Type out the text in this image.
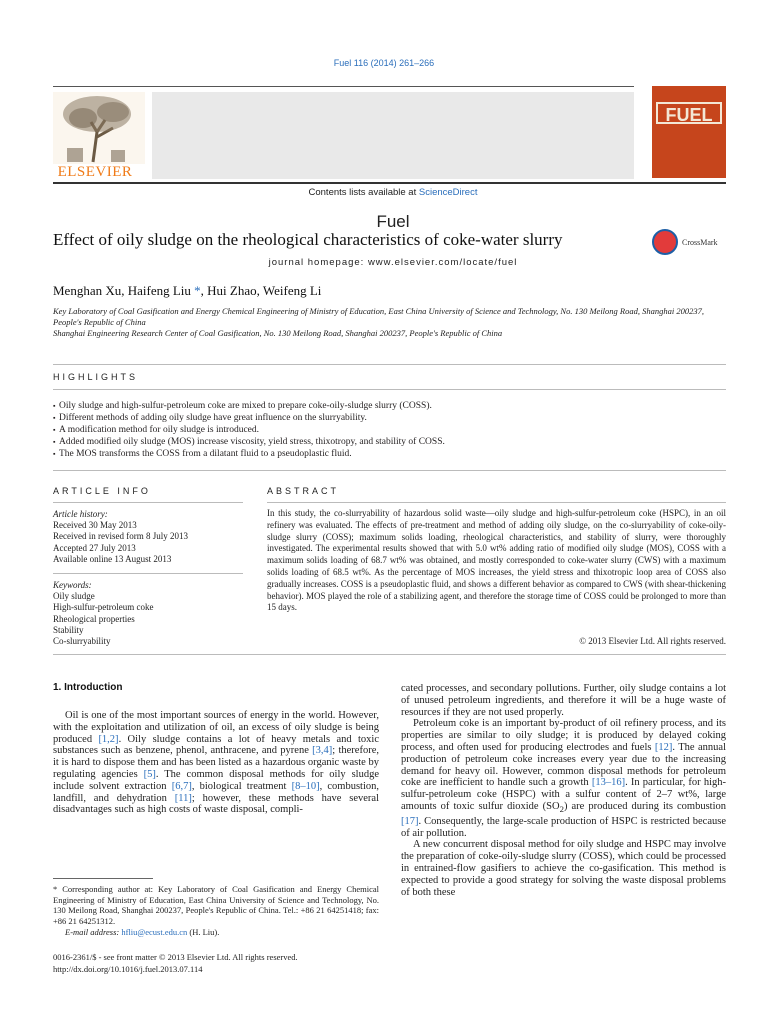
Fuel 116 (2014) 261–266
ELSEVIER
Contents lists available at ScienceDirect
Fuel
journal homepage: www.elsevier.com/locate/fuel
FUEL
Effect of oily sludge on the rheological characteristics of coke-water slurry	CrossMark
Menghan Xu, Haifeng Liu *, Hui Zhao, Weifeng Li
Key Laboratory of Coal Gasification and Energy Chemical Engineering of Ministry of Education, East China University of Science and Technology, No. 130 Meilong Road, Shanghai 200237, People's Republic of China
Shanghai Engineering Research Center of Coal Gasification, No. 130 Meilong Road, Shanghai 200237, People's Republic of China
HIGHLIGHTS
▪ Oily sludge and high-sulfur-petroleum coke are mixed to prepare coke-oily-sludge slurry (COSS).
▪ Different methods of adding oily sludge have great influence on the slurryability.
▪ A modification method for oily sludge is introduced.
▪ Added modified oily sludge (MOS) increase viscosity, yield stress, thixotropy, and stability of COSS.
▪ The MOS transforms the COSS from a dilatant fluid to a pseudoplastic fluid.
ARTICLE INFO
Article history:
Received 30 May 2013
Received in revised form 8 July 2013
Accepted 27 July 2013
Available online 13 August 2013
Keywords:
Oily sludge
High-sulfur-petroleum coke
Rheological properties
Stability
Co-slurryability
ABSTRACT
In this study, the co-slurryability of hazardous solid waste—oily sludge and high-sulfur-petroleum coke (HSPC), in an oil refinery was evaluated. The effects of pre-treatment and method of adding oily sludge, on the co-slurryability of coke-oily-sludge slurry (COSS); maximum solids loading, rheological characteristics, and stability of slurry, were thoroughly investigated. The experimental results showed that with 5.0 wt% adding ratio of modified oily sludge (MOS), COSS with a maximum solids loading of 68.7 wt% was obtained, and mostly corresponded to coke-water slurry (CWS) with a maximum solids loading of 68.5 wt%. As the percentage of MOS increases, the yield stress and thixotropic loop area of COSS also gradually increases. COSS is a pseudoplastic fluid, and shows a different behavior as compared to CWS (with shear-thickening behavior). MOS played the role of a stabilizing agent, and therefore the storage time of COSS could be prolonged to more than 15 days.
© 2013 Elsevier Ltd. All rights reserved.
1. Introduction

Oil is one of the most important sources of energy in the world. However, with the exploitation and utilization of oil, an excess of oily sludge is being produced [1,2]. Oily sludge contains a lot of heavy metals and toxic substances such as benzene, phenol, anthracene, and pyrene [3,4]; therefore, it is hard to dispose them and has been listed as a hazardous organic waste by regulating agencies [5]. The common disposal methods for oily sludge include solvent extraction [6,7], biological treatment [8–10], combustion, landfill, and dehydration [11]; however, these methods have several disadvantages such as high costs of waste disposal, compli-

cated processes, and secondary pollutions. Further, oily sludge contains a lot of unused petroleum ingredients, and therefore it will be a huge waste of resources if they are not used properly.

Petroleum coke is an important by-product of oil refinery process, and its properties are similar to oily sludge; it is produced by delayed coking process, and often used for producing electrodes and fuels [12]. The annual production of petroleum coke increases every year due to the increasing demand for heavy oil. However, common disposal methods for petroleum coke are inefficient to handle such a growth [13–16]. In particular, for high-sulfur-petroleum coke (HSPC) with a sulfur content of 2–7 wt%, large amounts of toxic sulfur dioxide $(SO_2)$ are produced during its combustion [17]. Consequently, the large-scale production of HSPC is restricted because of air pollution.

A new concurrent disposal method for oily sludge and HSPC may involve the preparation of coke-oily-sludge slurry (COSS), which could be processed in entrained-flow gasifiers to achieve the co-gasification. This method is expected to provide a good strategy for solving the waste disposal problems of both these

* Corresponding author at: Key Laboratory of Coal Gasification and Energy Chemical Engineering of Ministry of Education, East China University of Science and Technology, No. 130 Meilong Road, Shanghai 200237, People's Republic of China. Tel.: +86 21 64251418; fax: +86 21 64251312.
E-mail address: hfliu@ecust.edu.cn (H. Liu).
0016-2361/$ - see front matter © 2013 Elsevier Ltd. All rights reserved.
http://dx.doi.org/10.1016/j.fuel.2013.07.114
